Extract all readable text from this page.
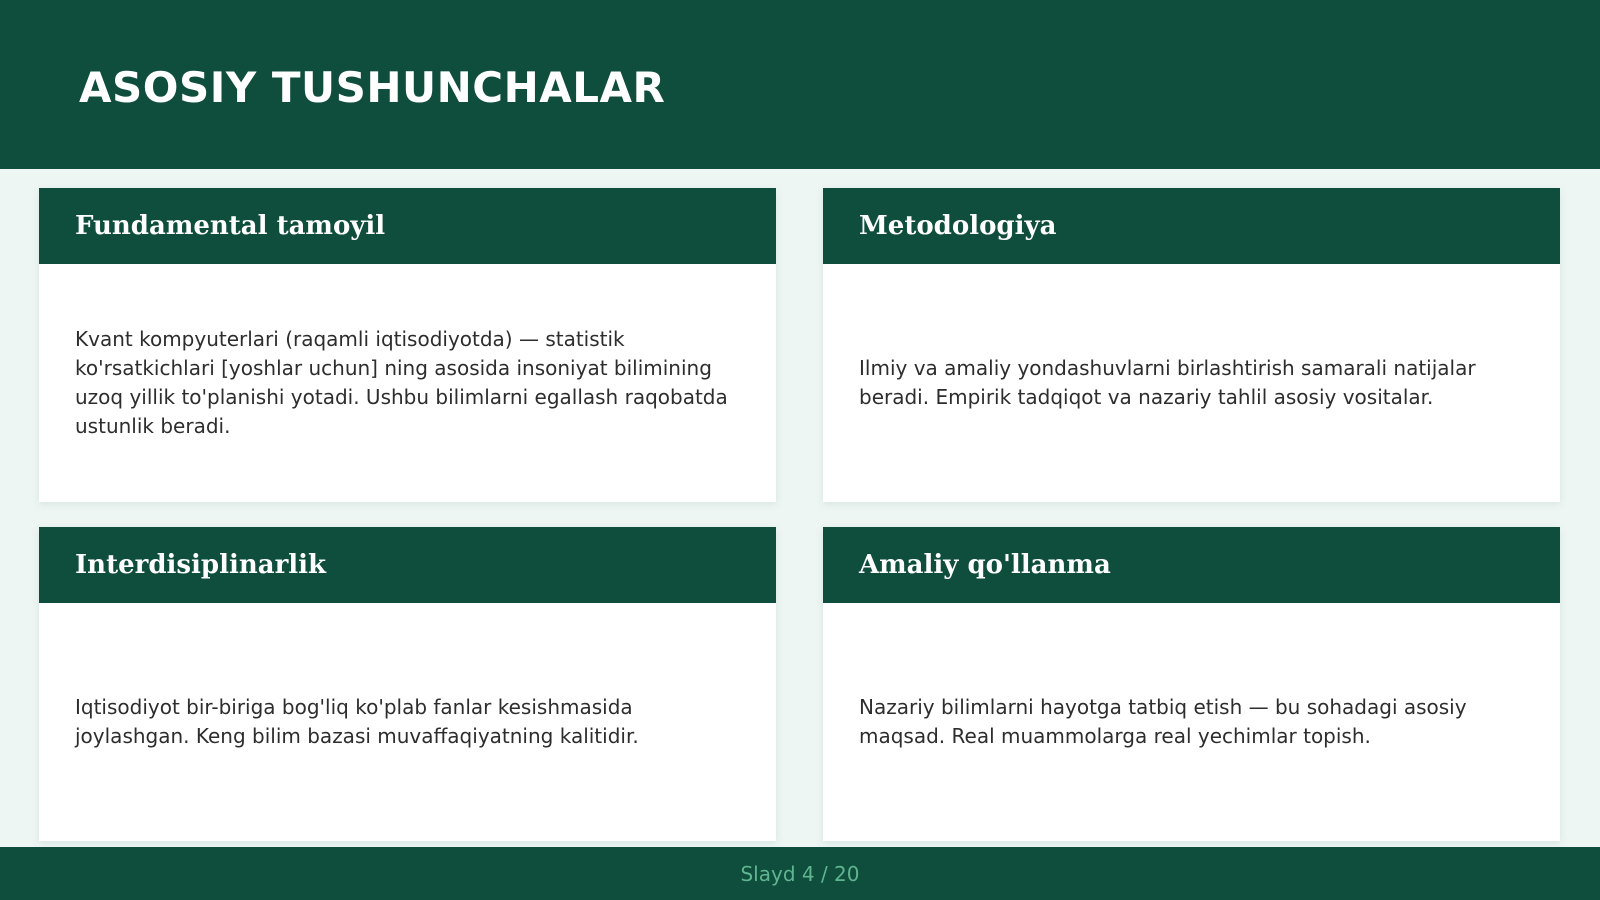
ASOSIY TUSHUNCHALAR
Fundamental tamoyil

Kvant kompyuterlari (raqamli iqtisodiyotda) — statistik ko'rsatkichlari [yoshlar uchun] ning asosida insoniyat bilimining uzoq yillik to'planishi yotadi. Ushbu bilimlarni egallash raqobatda ustunlik beradi.

Metodologiya

Ilmiy va amaliy yondashuvlarni birlashtirish samarali natijalar beradi. Empirik tadqiqot va nazariy tahlil asosiy vositalar.

Interdisiplinarlik

Iqtisodiyot bir-biriga bog'liq ko'plab fanlar kesishmasida joylashgan. Keng bilim bazasi muvaffaqiyatning kalitidir.

Amaliy qo'llanma

Nazariy bilimlarni hayotga tatbiq etish — bu sohadagi asosiy maqsad. Real muammolarga real yechimlar topish.

Slayd 4 / 20
